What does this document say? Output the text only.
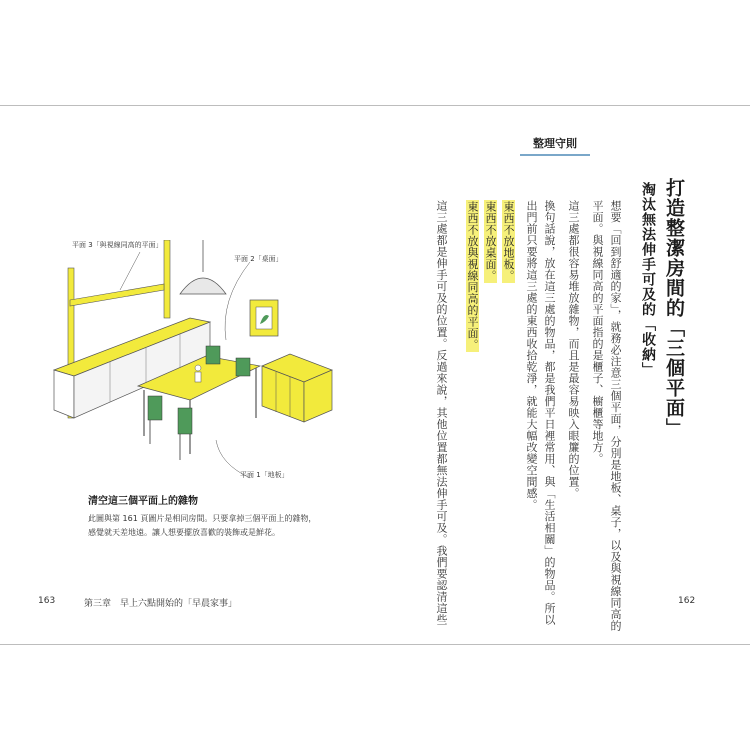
整理守則
打造整潔房間的「三個平面」
淘汰無法伸手可及的「收納」
想要「回到舒適的家」，就務必注意三個平面，分別是地板、桌子，以及與視線同高的
平面。與視線同高的平面指的是櫃子、櫥櫃等地方。
這三處都很容易堆放雜物，而且是最容易映入眼簾的位置。
換句話說，放在這三處的物品，都是我們平日裡常用、與「生活相關」的物品。所以
出門前只要將這三處的東西收拾乾淨，就能大幅改變空間感。
東西不放地板。
東西不放桌面。
東西不放與視線同高的平面。
這三處都是伸手可及的位置。反過來說，其他位置都無法伸手可及。我們要認清這些	162
平面 3「與視線同高的平面」
平面 2「桌面」
平面 1「地板」
清空這三個平面上的雜物
此圖與第 161 頁圖片是相同房間。只要拿掉三個平面上的雜物，
感覺就天差地遠。讓人想要擺放喜歡的裝飾或是鮮花。
163	第三章　早上六點開始的「早晨家事」
